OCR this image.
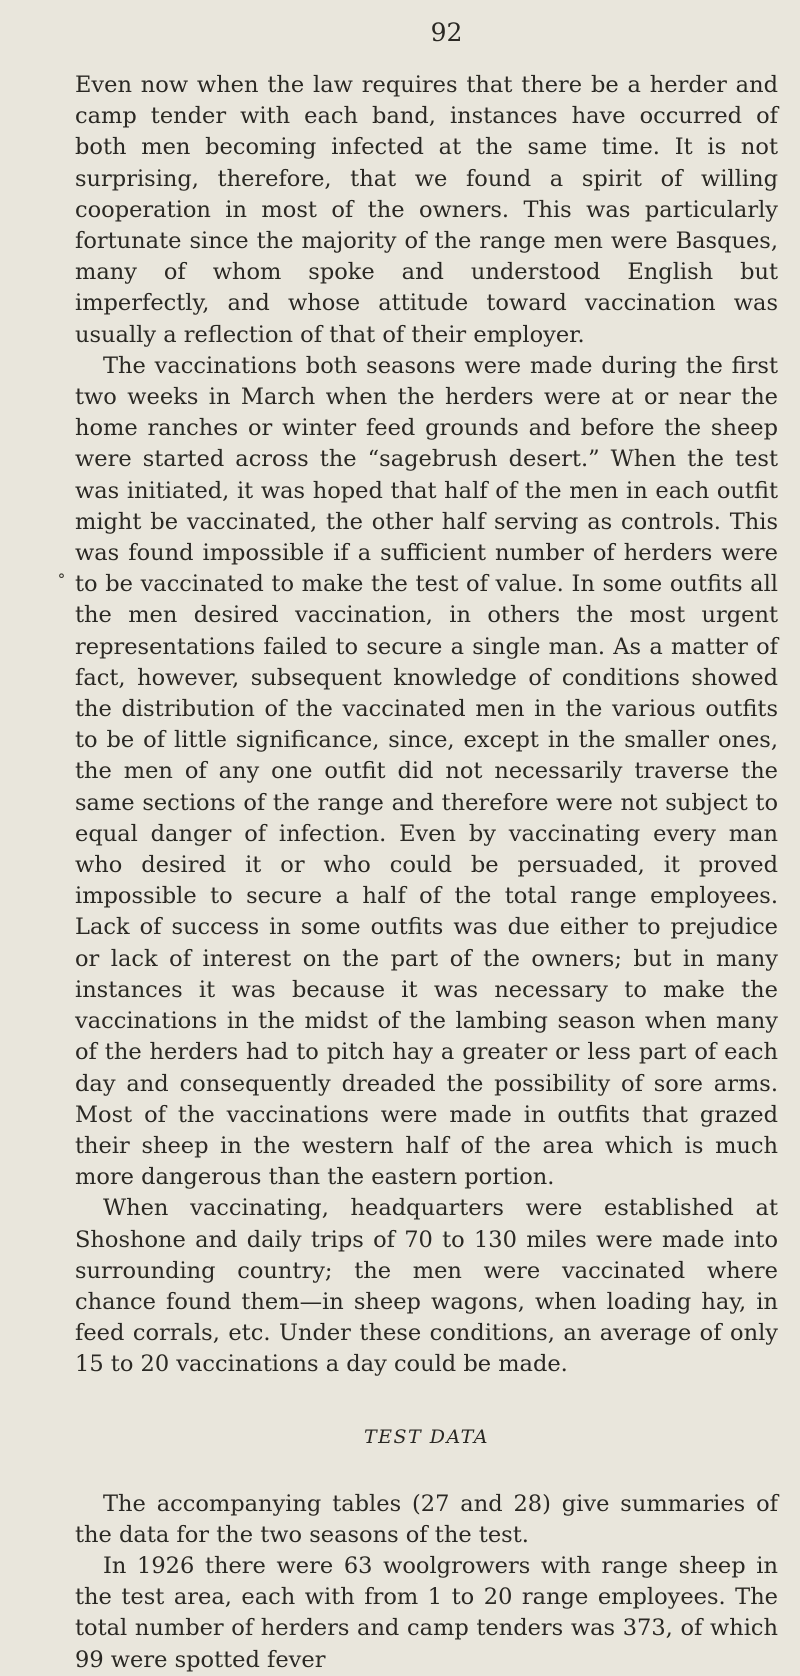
92

Even now when the law requires that there be a herder and camp tender with each band, instances have occurred of both men becoming infected at the same time. It is not surprising, therefore, that we found a spirit of willing cooperation in most of the owners. This was particularly fortunate since the majority of the range men were Basques, many of whom spoke and understood English but imperfectly, and whose attitude toward vaccination was usually a reflection of that of their employer.

The vaccinations both seasons were made during the first two weeks in March when the herders were at or near the home ranches or winter feed grounds and before the sheep were started across the “sagebrush desert.” When the test was initiated, it was hoped that half of the men in each outfit might be vaccinated, the other half serving as controls. This was found impossible if a sufficient number of herders were to be vaccinated to make the test of value. In some outfits all the men desired vaccination, in others the most urgent representations failed to secure a single man. As a matter of fact, however, subsequent knowledge of conditions showed the distribution of the vaccinated men in the various outfits to be of little significance, since, except in the smaller ones, the men of any one outfit did not necessarily traverse the same sections of the range and therefore were not subject to equal danger of infection. Even by vaccinating every man who desired it or who could be persuaded, it proved impossible to secure a half of the total range employees. Lack of success in some outfits was due either to prejudice or lack of interest on the part of the owners; but in many instances it was because it was necessary to make the vaccinations in the midst of the lambing season when many of the herders had to pitch hay a greater or less part of each day and consequently dreaded the possibility of sore arms. Most of the vaccinations were made in outfits that grazed their sheep in the western half of the area which is much more dangerous than the eastern portion.

When vaccinating, headquarters were established at Shoshone and daily trips of 70 to 130 miles were made into surrounding country; the men were vaccinated where chance found them—in sheep wagons, when loading hay, in feed corrals, etc. Under these conditions, an average of only 15 to 20 vaccinations a day could be made.

TEST DATA

The accompanying tables (27 and 28) give summaries of the data for the two seasons of the test.

In 1926 there were 63 woolgrowers with range sheep in the test area, each with from 1 to 20 range employees. The total number of herders and camp tenders was 373, of which 99 were spotted fever

˚
